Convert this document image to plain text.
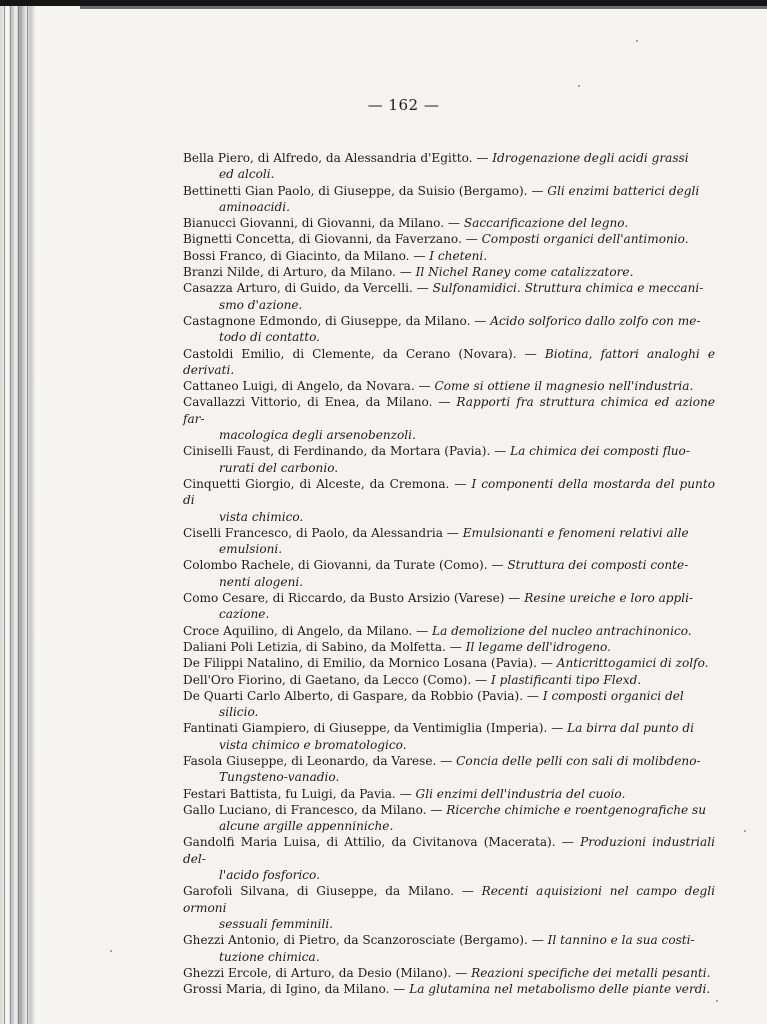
— 162 —
Bella Piero, di Alfredo, da Alessandria d'Egitto. — Idrogenazione degli acidi grassi
ed alcoli.
Bettinetti Gian Paolo, di Giuseppe, da Suisio (Bergamo). — Gli enzimi batterici degli
aminoacidi.
Bianucci Giovanni, di Giovanni, da Milano. — Saccarificazione del legno.
Bignetti Concetta, di Giovanni, da Faverzano. — Composti organici dell'antimonio.
Bossi Franco, di Giacinto, da Milano. — I cheteni.
Branzi Nilde, di Arturo, da Milano. — Il Nichel Raney come catalizzatore.
Casazza Arturo, di Guido, da Vercelli. — Sulfonamidici. Struttura chimica e meccani-
smo d'azione.
Castagnone Edmondo, di Giuseppe, da Milano. — Acido solforico dallo zolfo con me-
todo di contatto.
Castoldi Emilio, di Clemente, da Cerano (Novara). — Biotina, fattori analoghi e derivati.
Cattaneo Luigi, di Angelo, da Novara. — Come si ottiene il magnesio nell'industria.
Cavallazzi Vittorio, di Enea, da Milano. — Rapporti fra struttura chimica ed azione far-
macologica degli arsenobenzoli.
Ciniselli Faust, di Ferdinando, da Mortara (Pavia). — La chimica dei composti fluo-
rurati del carbonio.
Cinquetti Giorgio, di Alceste, da Cremona. — I componenti della mostarda del punto di
vista chimico.
Ciselli Francesco, di Paolo, da Alessandria — Emulsionanti e fenomeni relativi alle
emulsioni.
Colombo Rachele, di Giovanni, da Turate (Como). — Struttura dei composti conte-
nenti alogeni.
Como Cesare, di Riccardo, da Busto Arsizio (Varese) — Resine ureiche e loro appli-
cazione.
Croce Aquilino, di Angelo, da Milano. — La demolizione del nucleo antrachinonico.
Daliani Poli Letizia, di Sabino, da Molfetta. — Il legame dell'idrogeno.
De Filippi Natalino, di Emilio, da Mornico Losana (Pavia). — Anticrittogamici di zolfo.
Dell'Oro Fiorino, di Gaetano, da Lecco (Como). — I plastificanti tipo Flexd.
De Quarti Carlo Alberto, di Gaspare, da Robbio (Pavia). — I composti organici del
silicio.
Fantinati Giampiero, di Giuseppe, da Ventimiglia (Imperia). — La birra dal punto di
vista chimico e bromatologico.
Fasola Giuseppe, di Leonardo, da Varese. — Concia delle pelli con sali di molibdeno-
Tungsteno-vanadio.
Festari Battista, fu Luigi, da Pavia. — Gli enzimi dell'industria del cuoio.
Gallo Luciano, di Francesco, da Milano. — Ricerche chimiche e roentgenografiche su
alcune argille appenniniche.
Gandolfi Maria Luisa, di Attilio, da Civitanova (Macerata). — Produzioni industriali del-
l'acido fosforico.
Garofoli Silvana, di Giuseppe, da Milano. — Recenti aquisizioni nel campo degli ormoni
sessuali femminili.
Ghezzi Antonio, di Pietro, da Scanzorosciate (Bergamo). — Il tannino e la sua costi-
tuzione chimica.
Ghezzi Ercole, di Arturo, da Desio (Milano). — Reazioni specifiche dei metalli pesanti.
Grossi Maria, di Igino, da Milano. — La glutamina nel metabolismo delle piante verdi.
